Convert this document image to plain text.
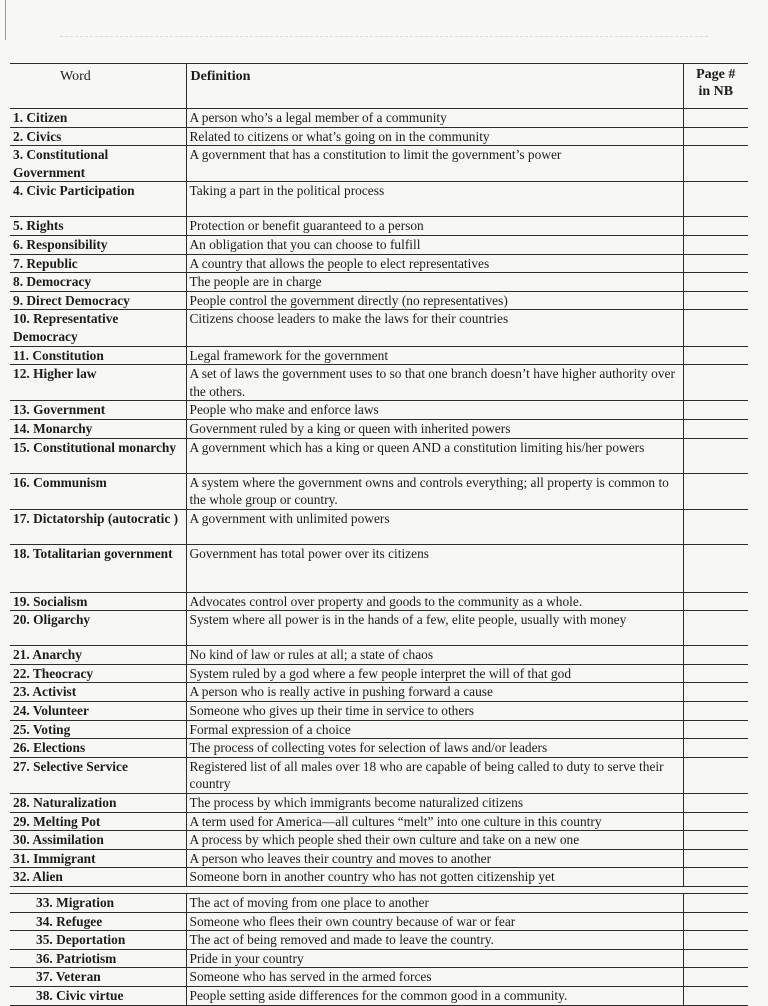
Word	Definition	Page #
in NB

1. Citizen	A person who’s a legal member of a community	
2. Civics	Related to citizens or what’s going on in the community	
3. Constitutional Government	A government that has a constitution to limit the government’s power	
4. Civic Participation	Taking a part in the political process	
5. Rights	Protection or benefit guaranteed to a person	
6. Responsibility	An obligation that you can choose to fulfill	
7. Republic	A country that allows the people to elect representatives	
8. Democracy	The people are in charge	
9. Direct Democracy	People control the government directly (no representatives)	
10. Representative Democracy	Citizens choose leaders to make the laws for their countries	
11. Constitution	Legal framework for the government	
12. Higher law	A set of laws the government uses to so that one branch doesn’t have higher authority over the others.	
13. Government	People who make and enforce laws	
14. Monarchy	Government ruled by a king or queen with inherited powers	
15. Constitutional monarchy	A government which has a king or queen AND a constitution limiting his/her powers	
16. Communism	A system where the government owns and controls everything; all property is common to the whole group or country.	
17. Dictatorship (autocratic )	A government with unlimited powers	
18. Totalitarian government	Government has total power over its citizens	
19. Socialism	Advocates control over property and goods to the community as a whole.	
20. Oligarchy	System where all power is in the hands of a few, elite people, usually with money	
21. Anarchy	No kind of law or rules at all; a state of chaos	
22. Theocracy	System ruled by a god where a few people interpret the will of that god	
23. Activist	A person who is really active in pushing forward a cause	
24. Volunteer	Someone who gives up their time in service to others	
25. Voting	Formal expression of a choice	
26. Elections	The process of collecting votes for selection of laws and/or leaders	
27. Selective Service	Registered list of all males over 18 who are capable of being called to duty to serve their country	
28. Naturalization	The process by which immigrants become naturalized citizens	
29. Melting Pot	A term used for America—all cultures “melt” into one culture in this country	
30. Assimilation	A process by which people shed their own culture and take on a new one	
31. Immigrant	A person who leaves their country and moves to another	
32. Alien	Someone born in another country who has not gotten citizenship yet	

33. Migration	The act of moving from one place to another	
34. Refugee	Someone who flees their own country because of war or fear	
35. Deportation	The act of being removed and made to leave the country.	
36. Patriotism	Pride in your country	
37. Veteran	Someone who has served in the armed forces	
38. Civic virtue	People setting aside differences for the common good in a community.	
